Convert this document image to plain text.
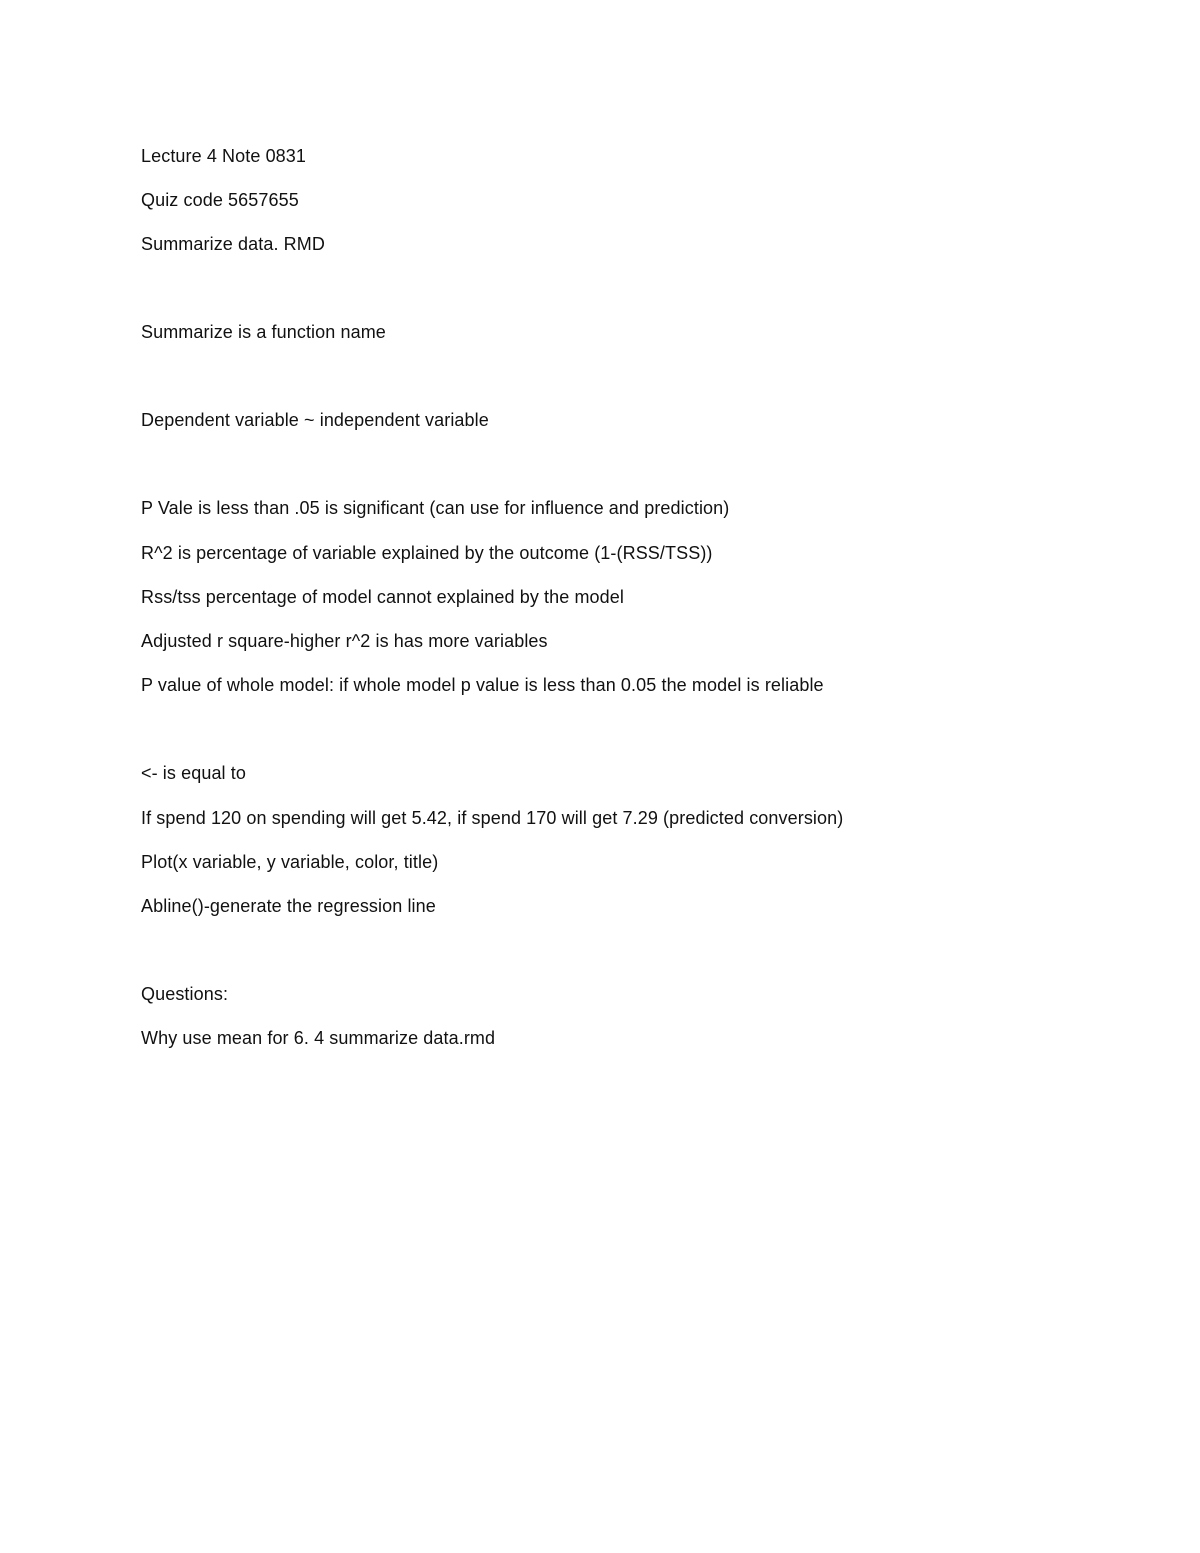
Lecture 4 Note 0831

Quiz code 5657655

Summarize data. RMD

Summarize is a function name

Dependent variable ~ independent variable

P Vale is less than .05 is significant (can use for influence and prediction)

R^2 is percentage of variable explained by the outcome (1-(RSS/TSS))

Rss/tss percentage of model cannot explained by the model

Adjusted r square-higher r^2 is has more variables

P value of whole model: if whole model p value is less than 0.05 the model is reliable

<- is equal to

If spend 120 on spending will get 5.42, if spend 170 will get 7.29 (predicted conversion)

Plot(x variable, y variable, color, title)

Abline()-generate the regression line

Questions:

Why use mean for 6. 4 summarize data.rmd
